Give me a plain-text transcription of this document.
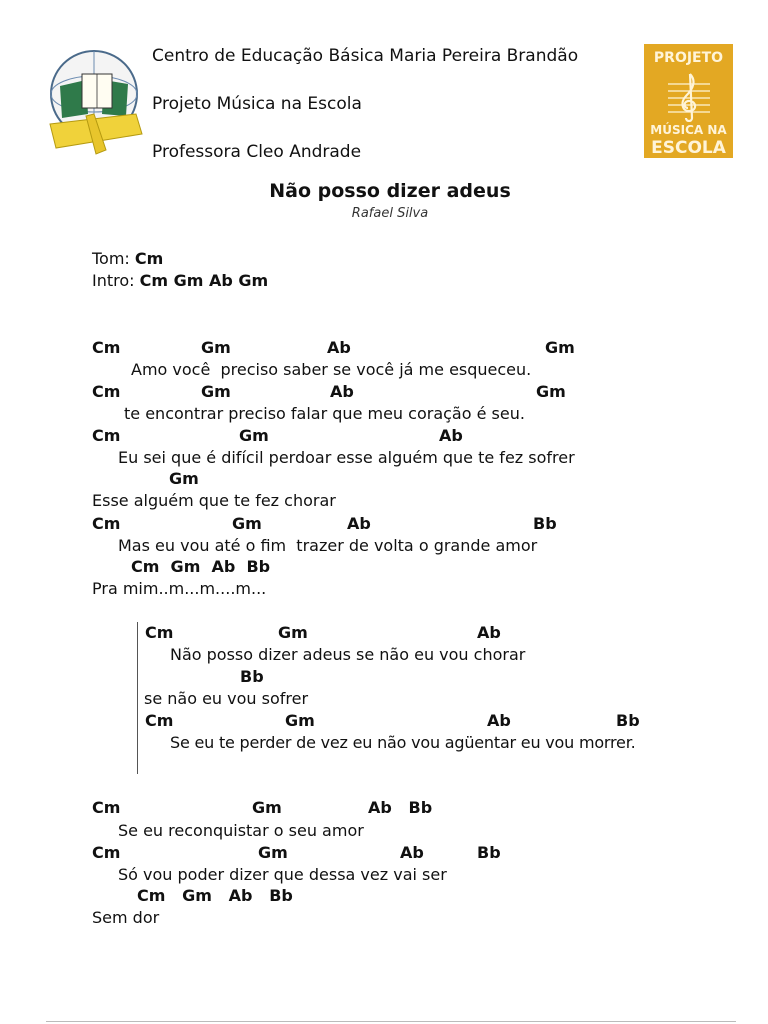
Centro de Educação Básica Maria Pereira Brandão
Projeto Música na Escola
Professora Cleo Andrade
PROJETO
MÚSICA NA
ESCOLA
Não posso dizer adeus
Rafael Silva
Tom: Cm
Intro: Cm Gm Ab Gm
Cm	Gm	Ab	Gm
Amo você  preciso saber se você já me esqueceu.
Cm	Gm	Ab	Gm
te encontrar preciso falar que meu coração é seu.
Cm	Gm	Ab
Eu sei que é difícil perdoar esse alguém que te fez sofrer
Gm
Esse alguém que te fez chorar
Cm	Gm	Ab	Bb
Mas eu vou até o fim  trazer de volta o grande amor
Cm  Gm  Ab  Bb
Pra mim..m...m....m...
Cm	Gm	Ab
Não posso dizer adeus se não eu vou chorar
Bb
se não eu vou sofrer
Cm	Gm	Ab	Bb
Se eu te perder de vez eu não vou agüentar eu vou morrer.
Cm	Gm	Ab   Bb
Se eu reconquistar o seu amor
Cm	Gm	Ab	Bb
Só vou poder dizer que dessa vez vai ser
Cm   Gm   Ab   Bb
Sem dor
